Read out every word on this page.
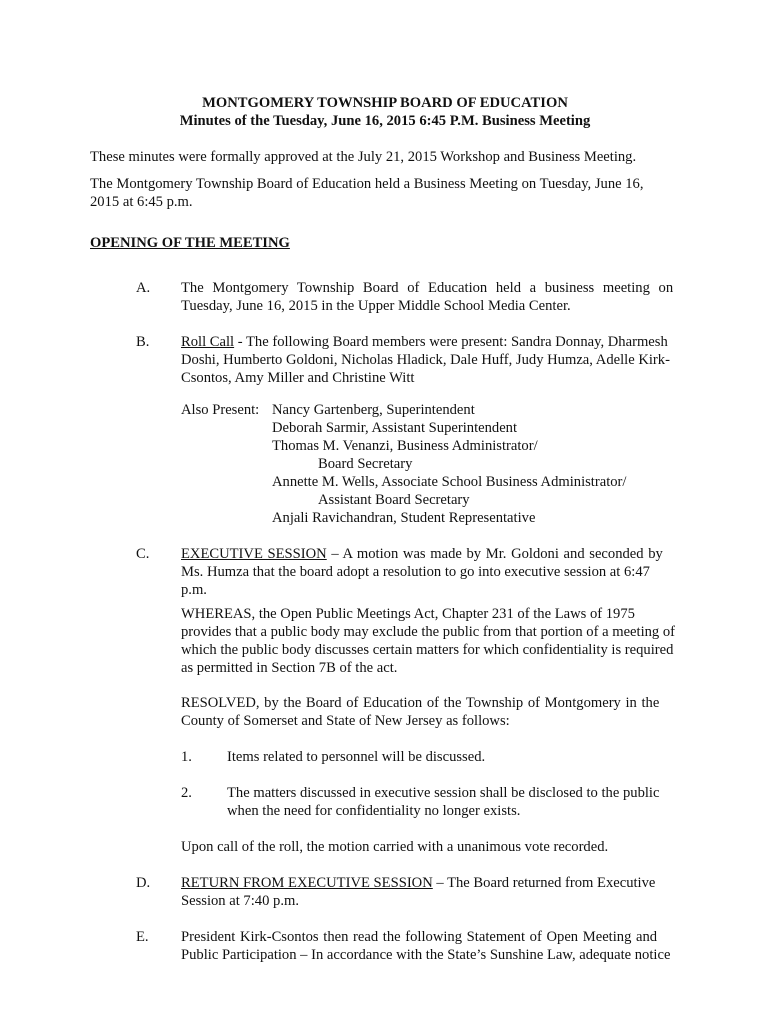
MONTGOMERY TOWNSHIP BOARD OF EDUCATION
Minutes of the Tuesday, June 16, 2015 6:45 P.M. Business Meeting
These minutes were formally approved at the July 21, 2015 Workshop and Business Meeting.
The Montgomery Township Board of Education held a Business Meeting on Tuesday, June 16,
2015 at 6:45 p.m.
OPENING OF THE MEETING
A. The Montgomery Township Board of Education held a business meeting on
Tuesday, June 16, 2015 in the Upper Middle School Media Center.
B. Roll Call - The following Board members were present: Sandra Donnay, Dharmesh
Doshi, Humberto Goldoni, Nicholas Hladick, Dale Huff, Judy Humza, Adelle Kirk-
Csontos, Amy Miller and Christine Witt
Also Present: Nancy Gartenberg, Superintendent
Deborah Sarmir, Assistant Superintendent
Thomas M. Venanzi, Business Administrator/
Board Secretary
Annette M. Wells, Associate School Business Administrator/
Assistant Board Secretary
Anjali Ravichandran, Student Representative
C. EXECUTIVE SESSION – A motion was made by Mr. Goldoni and seconded by
Ms. Humza that the board adopt a resolution to go into executive session at 6:47
p.m.
WHEREAS, the Open Public Meetings Act, Chapter 231 of the Laws of 1975
provides that a public body may exclude the public from that portion of a meeting of
which the public body discusses certain matters for which confidentiality is required
as permitted in Section 7B of the act.
RESOLVED, by the Board of Education of the Township of Montgomery in the
County of Somerset and State of New Jersey as follows:
1. Items related to personnel will be discussed.
2. The matters discussed in executive session shall be disclosed to the public
when the need for confidentiality no longer exists.
Upon call of the roll, the motion carried with a unanimous vote recorded.
D. RETURN FROM EXECUTIVE SESSION – The Board returned from Executive
Session at 7:40 p.m.
E. President Kirk-Csontos then read the following Statement of Open Meeting and
Public Participation – In accordance with the State’s Sunshine Law, adequate notice
